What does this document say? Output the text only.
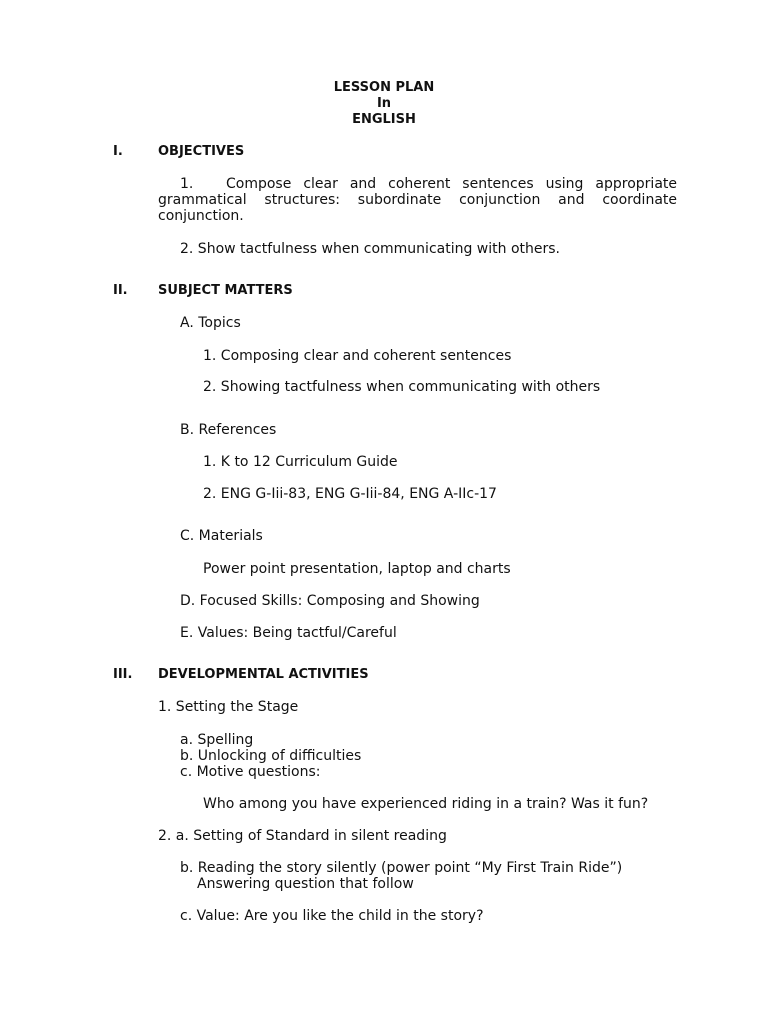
LESSON PLAN
In
ENGLISH
I.	OBJECTIVES

1. Compose clear and coherent sentences using appropriate

grammatical structures: subordinate conjunction and coordinate

conjunction.

2. Show tactfulness when communicating with others.
II. SUBJECT MATTERS
A. Topics
1. Composing clear and coherent sentences
2. Showing tactfulness when communicating with others
B. References
1. K to 12 Curriculum Guide
2. ENG G-Iii-83, ENG G-Iii-84, ENG A-IIc-17
C. Materials
Power point presentation, laptop and charts
D. Focused Skills: Composing and Showing
E. Values: Being tactful/Careful
III. DEVELOPMENTAL ACTIVITIES
1. Setting the Stage
a. Spelling
b. Unlocking of difficulties
c. Motive questions:
Who among you have experienced riding in a train? Was it fun?
2. a. Setting of Standard in silent reading
b. Reading the story silently (power point “My First Train Ride”)
Answering question that follow
c. Value: Are you like the child in the story?
